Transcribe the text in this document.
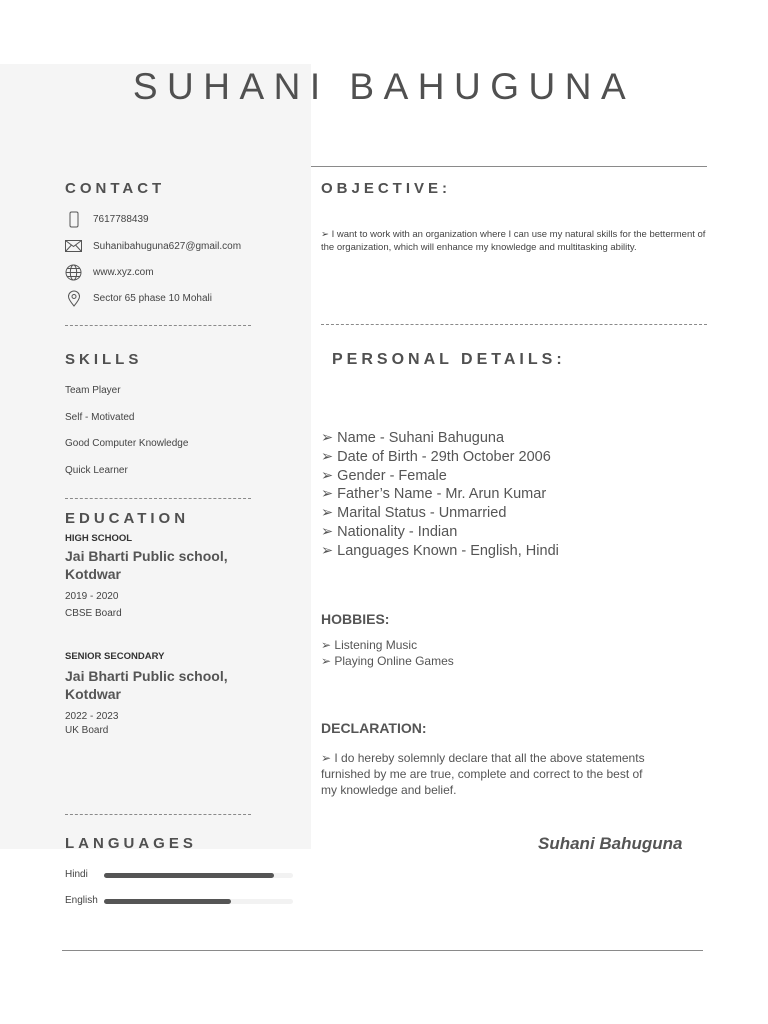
SUHANI BAHUGUNA
CONTACT
7617788439
Suhanibahuguna627@gmail.com
www.xyz.com
Sector 65 phase 10 Mohali
SKILLS
Team Player
Self - Motivated
Good Computer Knowledge
Quick Learner
EDUCATION
HIGH SCHOOL
Jai Bharti Public school, Kotdwar
2019 - 2020
CBSE Board
SENIOR SECONDARY
Jai Bharti Public school, Kotdwar
2022 - 2023
UK Board
LANGUAGES
Hindi
English
OBJECTIVE:
➢ I want to work with an organization where I can use my natural skills for the betterment of the organization, which will enhance my knowledge and multitasking ability.
PERSONAL DETAILS:
➢ Name - Suhani Bahuguna
➢ Date of Birth - 29th October 2006
➢ Gender - Female
➢ Father’s Name - Mr. Arun Kumar
➢ Marital Status - Unmarried
➢ Nationality - Indian
➢ Languages Known - English, Hindi
HOBBIES:
➢ Listening Music
➢ Playing Online Games
DECLARATION:
➢ I do hereby solemnly declare that all the above statements furnished by me are true, complete and correct to the best of my knowledge and belief.
Suhani Bahuguna
